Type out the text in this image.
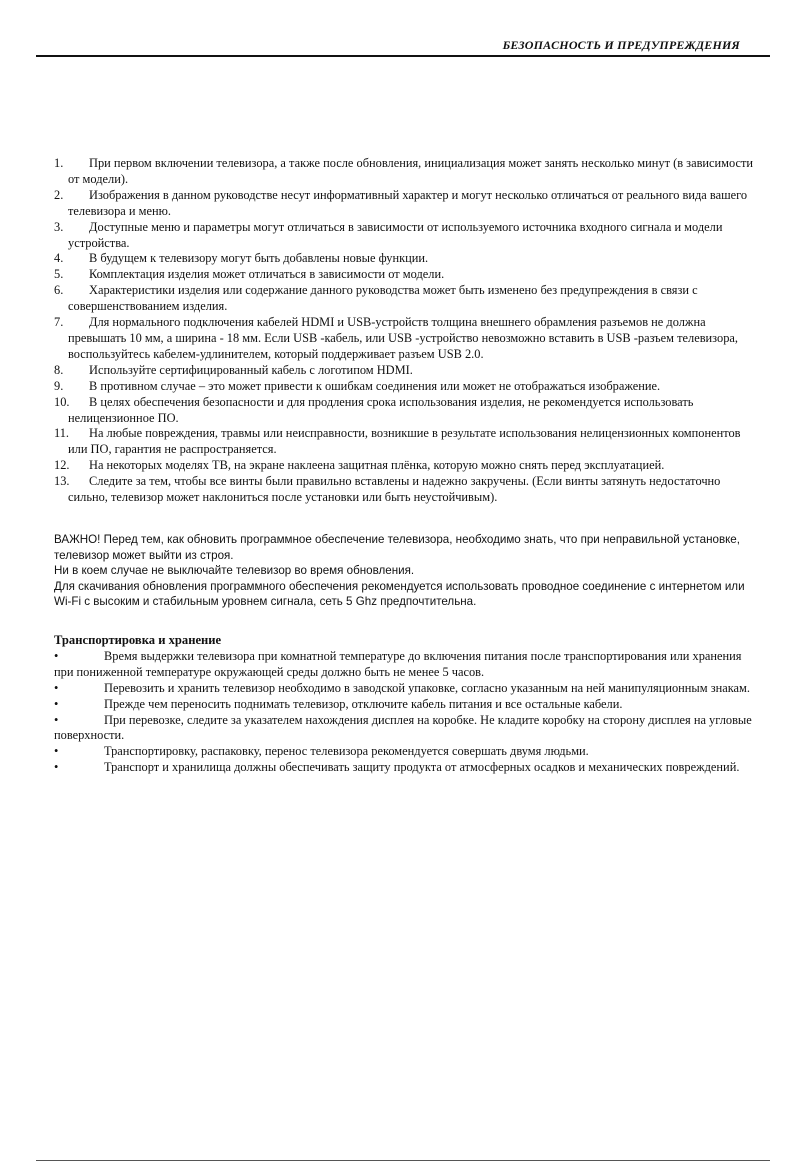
БЕЗОПАСНОСТЬ И ПРЕДУПРЕЖДЕНИЯ
1.	При первом включении телевизора, а также после обновления, инициализация может занять несколько минут (в зависимости от модели).
2.	Изображения в данном руководстве несут информативный характер и могут несколько отличаться от реального вида вашего телевизора и меню.
3.	Доступные меню и параметры могут отличаться в зависимости от используемого источника входного сигнала и модели устройства.
4.	В будущем к телевизору могут быть добавлены новые функции.
5.	Комплектация изделия может отличаться в зависимости от модели.
6.	Характеристики изделия или содержание данного руководства может быть изменено без предупреждения в связи с совершенствованием изделия.
7.	Для нормального подключения кабелей HDMI и USB-устройств толщина внешнего обрамления разъемов не должна превышать 10 мм, а ширина - 18 мм. Если USB -кабель, или USB -устройство невозможно вставить в USB -разъем телевизора, воспользуйтесь кабелем-удлинителем, который поддерживает разъем USB 2.0.
8.	Используйте сертифицированный кабель с логотипом HDMI.
9.	В противном случае – это может привести к ошибкам соединения или может не отображаться изображение.
10.	В целях обеспечения безопасности и для продления срока использования изделия, не рекомендуется использовать нелицензионное ПО.
11.	На любые повреждения, травмы или неисправности, возникшие в результате использования нелицензионных компонентов или ПО, гарантия не распространяется.
12.	На некоторых моделях ТВ, на экране наклеена защитная плёнка, которую можно снять перед эксплуатацией.
13.	Следите за тем, чтобы все винты были правильно вставлены и надежно закручены. (Если винты затянуть недостаточно сильно, телевизор может наклониться после установки или быть неустойчивым).

ВАЖНО! Перед тем, как обновить программное обеспечение телевизора, необходимо знать, что при неправильной установке, телевизор может выйти из строя.

Ни в коем случае не выключайте телевизор во время обновления.

Для скачивания обновления программного обеспечения рекомендуется использовать проводное соединение с интернетом или Wi-Fi с высоким и стабильным уровнем сигнала, сеть 5 Ghz предпочтительна.

Транспортировка и хранение
•	Время выдержки телевизора при комнатной температуре до включения питания после транспортирования или хранения при пониженной температуре окружающей среды должно быть не менее 5 часов.
•	Перевозить и хранить телевизор необходимо в заводской упаковке, согласно указанным на ней манипуляционным знакам.
•	Прежде чем переносить поднимать телевизор, отключите кабель питания и все остальные кабели.
•	При перевозке, следите за указателем нахождения дисплея на коробке. Не кладите коробку на сторону дисплея на угловые поверхности.
•	Транспортировку, распаковку, перенос телевизора рекомендуется совершать двумя людьми.
•	Транспорт и хранилища должны обеспечивать защиту продукта от атмосферных осадков и механических повреждений.
